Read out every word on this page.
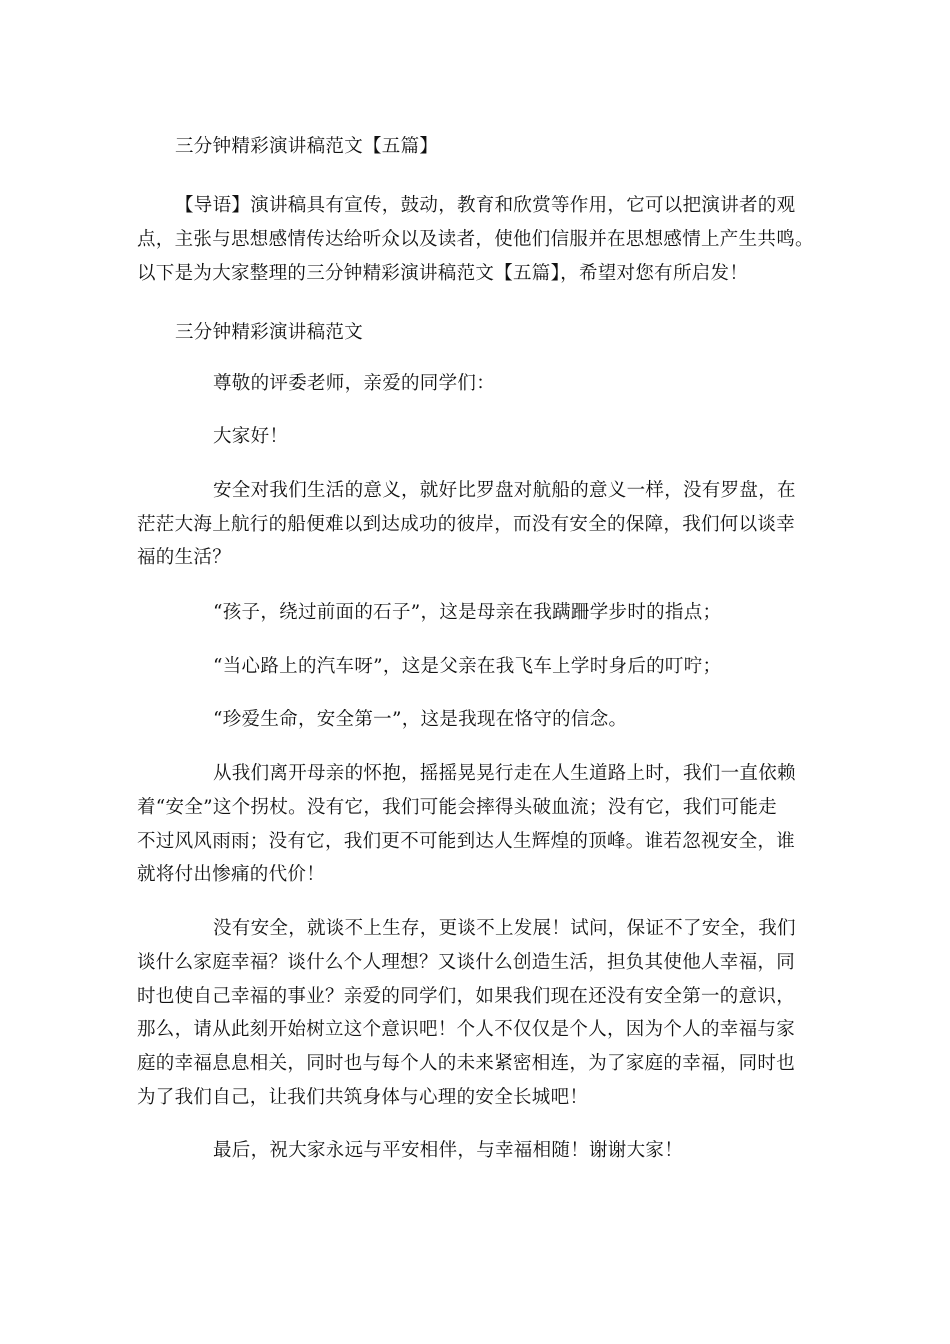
三分钟精彩演讲稿范文【五篇】

【导语】演讲稿具有宣传，鼓动，教育和欣赏等作用，它可以把演讲者的观

点，主张与思想感情传达给听众以及读者，使他们信服并在思想感情上产生共鸣。

以下是为大家整理的三分钟精彩演讲稿范文【五篇】，希望对您有所启发！

三分钟精彩演讲稿范文

尊敬的评委老师，亲爱的同学们：

大家好！

安全对我们生活的意义，就好比罗盘对航船的意义一样，没有罗盘，在

茫茫大海上航行的船便难以到达成功的彼岸，而没有安全的保障，我们何以谈幸

福的生活？

“孩子，绕过前面的石子”，这是母亲在我蹒跚学步时的指点；

“当心路上的汽车呀”，这是父亲在我飞车上学时身后的叮咛；

“珍爱生命，安全第一”，这是我现在恪守的信念。

从我们离开母亲的怀抱，摇摇晃晃行走在人生道路上时，我们一直依赖

着“安全”这个拐杖。没有它，我们可能会摔得头破血流；没有它，我们可能走

不过风风雨雨；没有它，我们更不可能到达人生辉煌的顶峰。谁若忽视安全，谁

就将付出惨痛的代价！

没有安全，就谈不上生存，更谈不上发展！试问，保证不了安全，我们

谈什么家庭幸福？谈什么个人理想？又谈什么创造生活，担负其使他人幸福，同

时也使自己幸福的事业？亲爱的同学们，如果我们现在还没有安全第一的意识，

那么，请从此刻开始树立这个意识吧！个人不仅仅是个人，因为个人的幸福与家

庭的幸福息息相关，同时也与每个人的未来紧密相连，为了家庭的幸福，同时也

为了我们自己，让我们共筑身体与心理的安全长城吧！

最后，祝大家永远与平安相伴，与幸福相随！谢谢大家！
